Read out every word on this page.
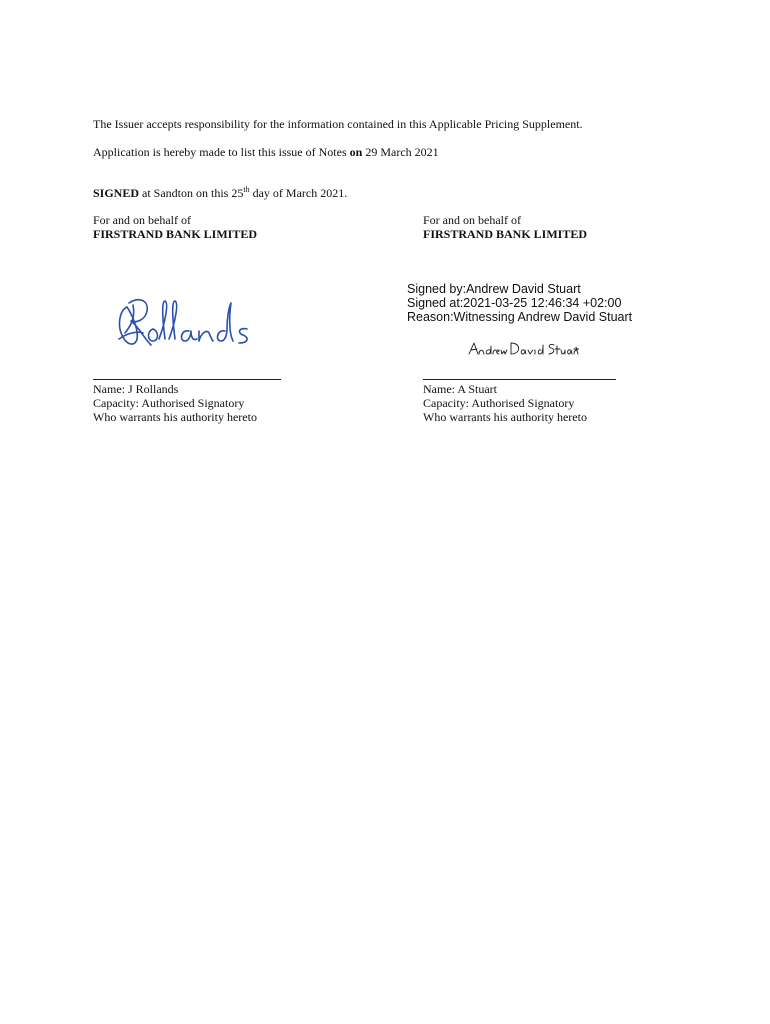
The Issuer accepts responsibility for the information contained in this Applicable Pricing Supplement.
Application is hereby made to list this issue of Notes on 29 March 2021
SIGNED at Sandton on this 25th day of March 2021.
For and on behalf of
FIRSTRAND BANK LIMITED
For and on behalf of
FIRSTRAND BANK LIMITED
Signed by:Andrew David Stuart
Signed at:2021-03-25 12:46:34 +02:00
Reason:Witnessing Andrew David Stuart
Name: J Rollands
Capacity: Authorised Signatory
Who warrants his authority hereto
Name: A Stuart
Capacity: Authorised Signatory
Who warrants his authority hereto
